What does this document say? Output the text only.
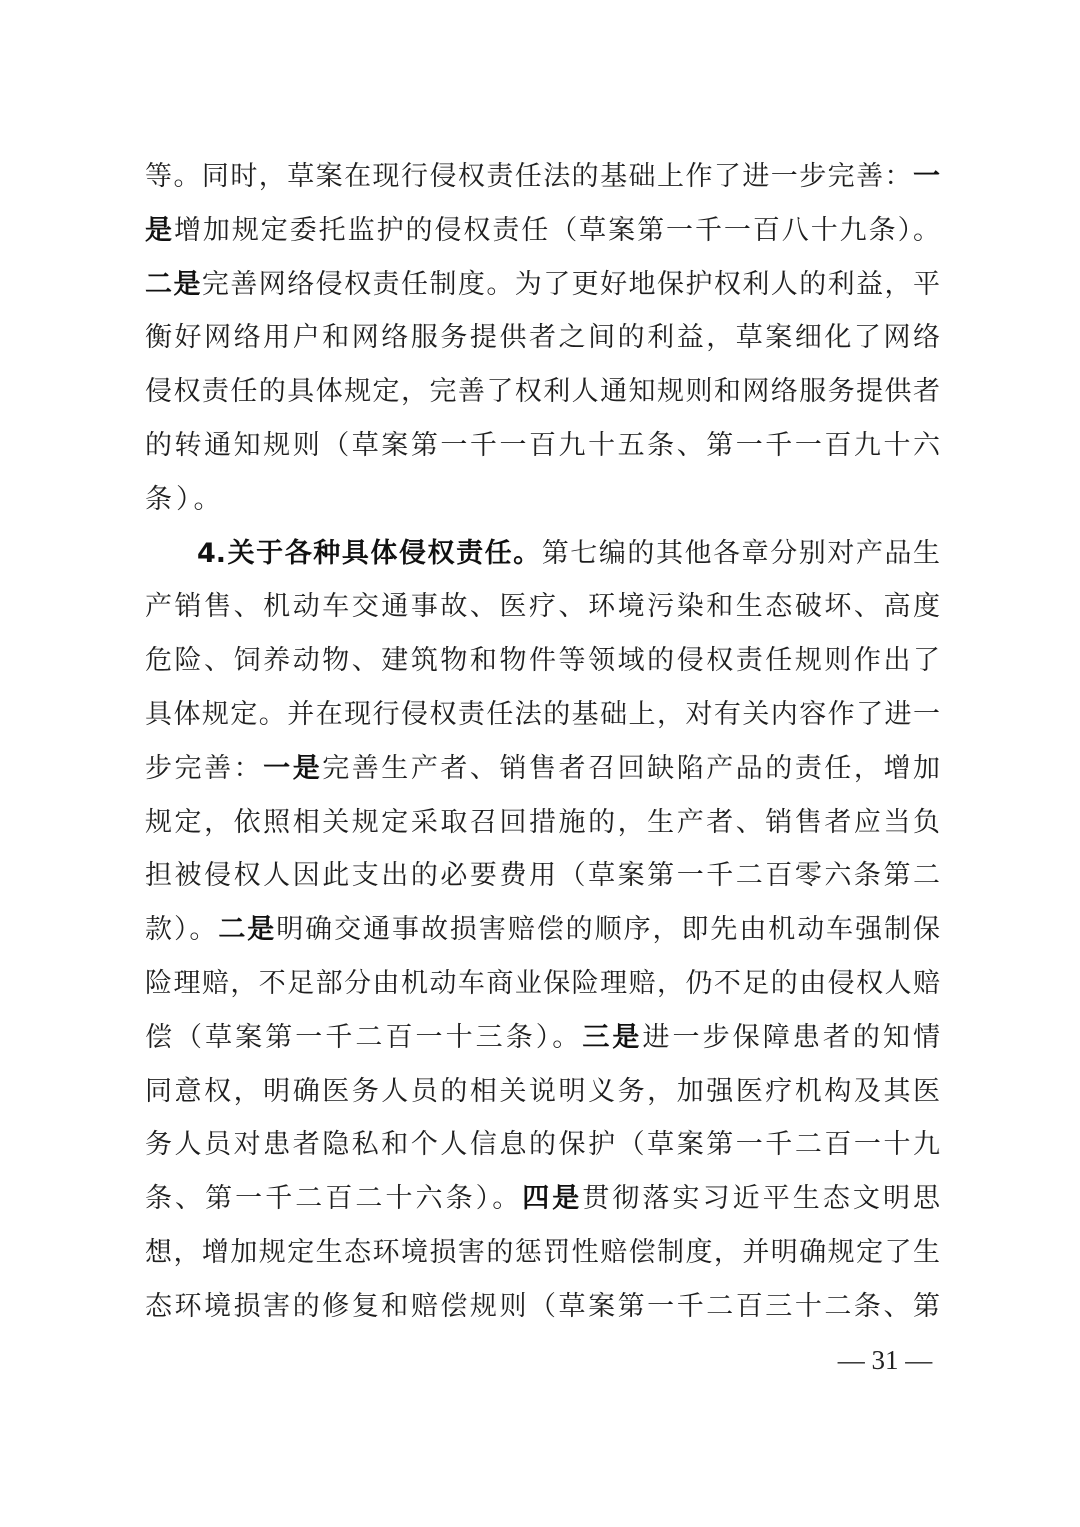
等。同时，草案在现行侵权责任法的基础上作了进一步完善：一
是增加规定委托监护的侵权责任（草案第一千一百八十九条）。
二是完善网络侵权责任制度。为了更好地保护权利人的利益，平
衡好网络用户和网络服务提供者之间的利益，草案细化了网络
侵权责任的具体规定，完善了权利人通知规则和网络服务提供者
的转通知规则（草案第一千一百九十五条、第一千一百九十六
条）。
4.关于各种具体侵权责任。第七编的其他各章分别对产品生
产销售、机动车交通事故、医疗、环境污染和生态破坏、高度
危险、饲养动物、建筑物和物件等领域的侵权责任规则作出了
具体规定。并在现行侵权责任法的基础上，对有关内容作了进一
步完善：一是完善生产者、销售者召回缺陷产品的责任，增加
规定，依照相关规定采取召回措施的，生产者、销售者应当负
担被侵权人因此支出的必要费用（草案第一千二百零六条第二
款）。二是明确交通事故损害赔偿的顺序，即先由机动车强制保
险理赔，不足部分由机动车商业保险理赔，仍不足的由侵权人赔
偿（草案第一千二百一十三条）。三是进一步保障患者的知情
同意权，明确医务人员的相关说明义务，加强医疗机构及其医
务人员对患者隐私和个人信息的保护（草案第一千二百一十九
条、第一千二百二十六条）。四是贯彻落实习近平生态文明思
想，增加规定生态环境损害的惩罚性赔偿制度，并明确规定了生
态环境损害的修复和赔偿规则（草案第一千二百三十二条、第
— 31 —
